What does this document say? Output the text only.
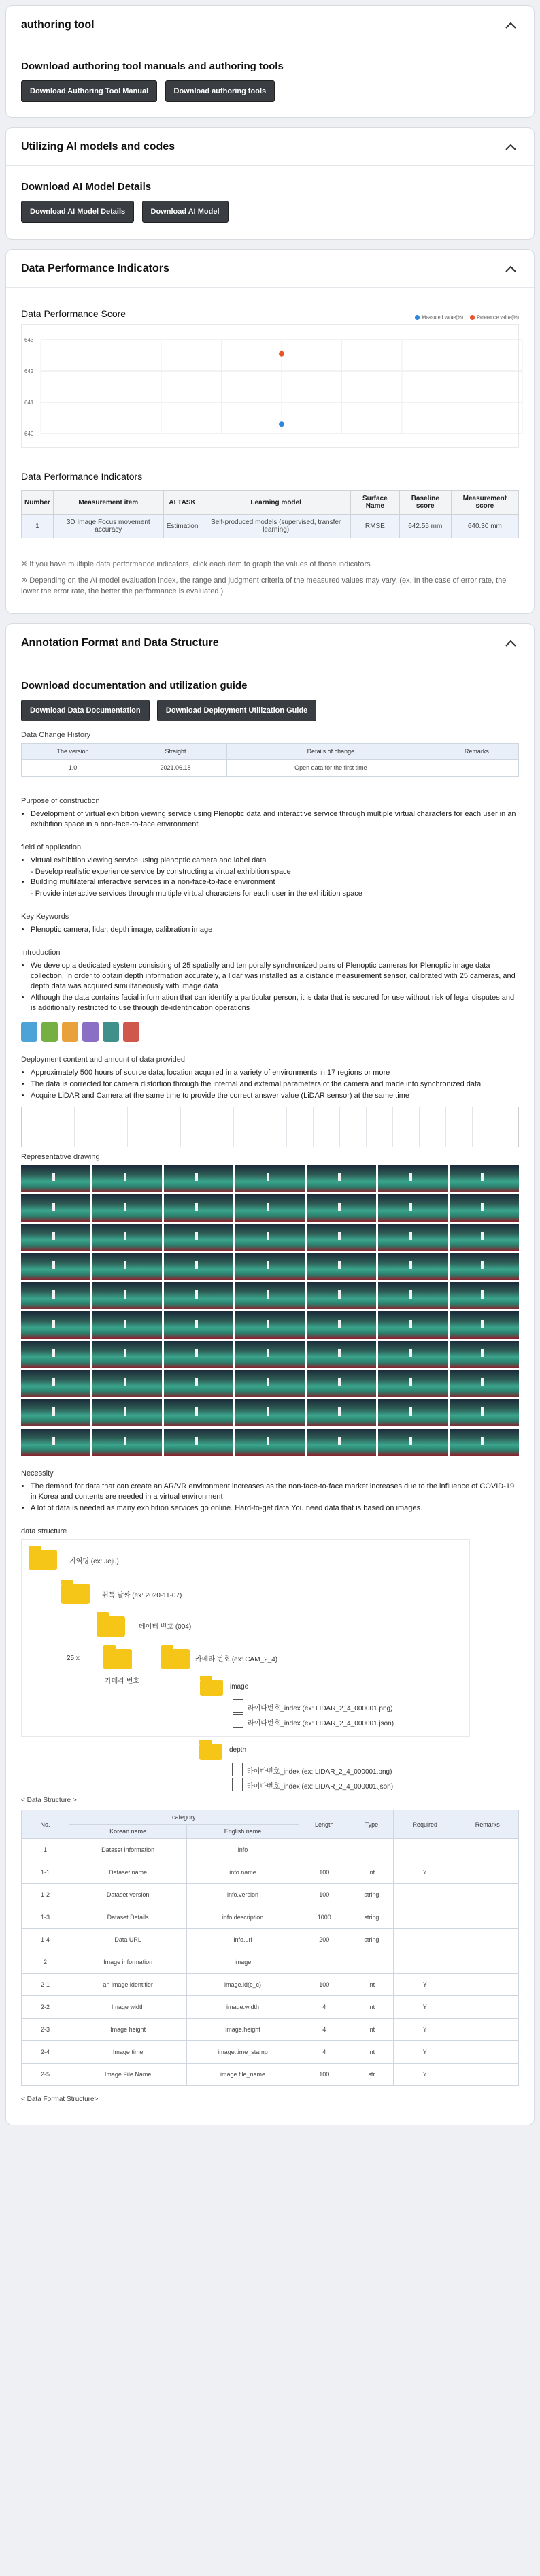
authoring tool
Download authoring tool manuals and authoring tools
Download Authoring Tool Manual	Download authoring tools
Utilizing AI models and codes
Download AI Model Details
Download AI Model Details	Download AI Model
Data Performance Indicators
Data Performance Score	Measured value(%)	Reference value(%)
643
642
641
640
Data Performance Indicators
Number	Measurement item	AI TASK	Learning model	Surface Name	Baseline score	Measurement score
1	3D Image Focus movement accuracy	Estimation	Self-produced models (supervised, transfer learning)	RMSE	642.55 mm	640.30 mm

※ If you have multiple data performance indicators, click each item to graph the values of those indicators.

※ Depending on the AI model evaluation index, the range and judgment criteria of the measured values may vary. (ex. In the case of error rate, the lower the error rate, the better the performance is evaluated.)

Annotation Format and Data Structure
Download documentation and utilization guide
Download Data Documentation	Download Deployment Utilization Guide
Data Change History
The version	Straight	Details of change	Remarks
1.0	2021.06.18	Open data for the first time	
Purpose of construction
• Development of virtual exhibition viewing service using Plenoptic data and interactive service through multiple virtual characters for each user in an exhibition space in a non-face-to-face environment
field of application
• Virtual exhibition viewing service using plenoptic camera and label data
- Develop realistic experience service by constructing a virtual exhibition space
• Building multilateral interactive services in a non-face-to-face environment
- Provide interactive services through multiple virtual characters for each user in the exhibition space
Key Keywords
• Plenoptic camera, lidar, depth image, calibration image
Introduction
• We develop a dedicated system consisting of 25 spatially and temporally synchronized pairs of Plenoptic cameras for Plenoptic image data collection. In order to obtain depth information accurately, a lidar was installed as a distance measurement sensor, calibrated with 25 cameras, and depth data was acquired simultaneously with image data
• Although the data contains facial information that can identify a particular person, it is data that is secured for use without risk of legal disputes and is additionally restricted to use through de-identification operations
Deployment content and amount of data provided
• Approximately 500 hours of source data, location acquired in a variety of environments in 17 regions or more
• The data is corrected for camera distortion through the internal and external parameters of the camera and made into synchronized data
• Acquire LiDAR and Camera at the same time to provide the correct answer value (LiDAR sensor) at the same time
Representative drawing
Necessity
• The demand for data that can create an AR/VR environment increases as the non-face-to-face market increases due to the influence of COVID-19 in Korea and contents are needed in a virtual environment
• A lot of data is needed as many exhibition services go online. Hard-to-get data You need data that is based on images.
data structure
지역명 (ex: Jeju)
취득 날짜 (ex: 2020-11-07)
데이터 번호 (004)
카메라 번호
25 x	카메라 번호 (ex: CAM_2_4)
image
라이다번호_index (ex: LIDAR_2_4_000001.png)
라이다번호_index (ex: LIDAR_2_4_000001.json)
depth
라이다번호_index (ex: LIDAR_2_4_000001.png)
라이다번호_index (ex: LIDAR_2_4_000001.json)
< Data Structure >
No.	category		Length	Type	Required	Remarks
	Korean name	English name				
1	Dataset information	info				
1-1	Dataset name	info.name	100	int	Y	
1-2	Dataset version	info.version	100	string		
1-3	Dataset Details	info.description	1000	string		
1-4	Data URL	info.url	200	string		
2	Image information	image				
2-1	an image identifier	image.id(c_c)	100	int	Y	
2-2	Image width	image.width	4	int	Y	
2-3	Image height	image.height	4	int	Y	
2-4	Image time	image.time_stamp	4	int	Y	
2-5	Image File Name	image.file_name	100	str	Y	
< Data Format Structure>
